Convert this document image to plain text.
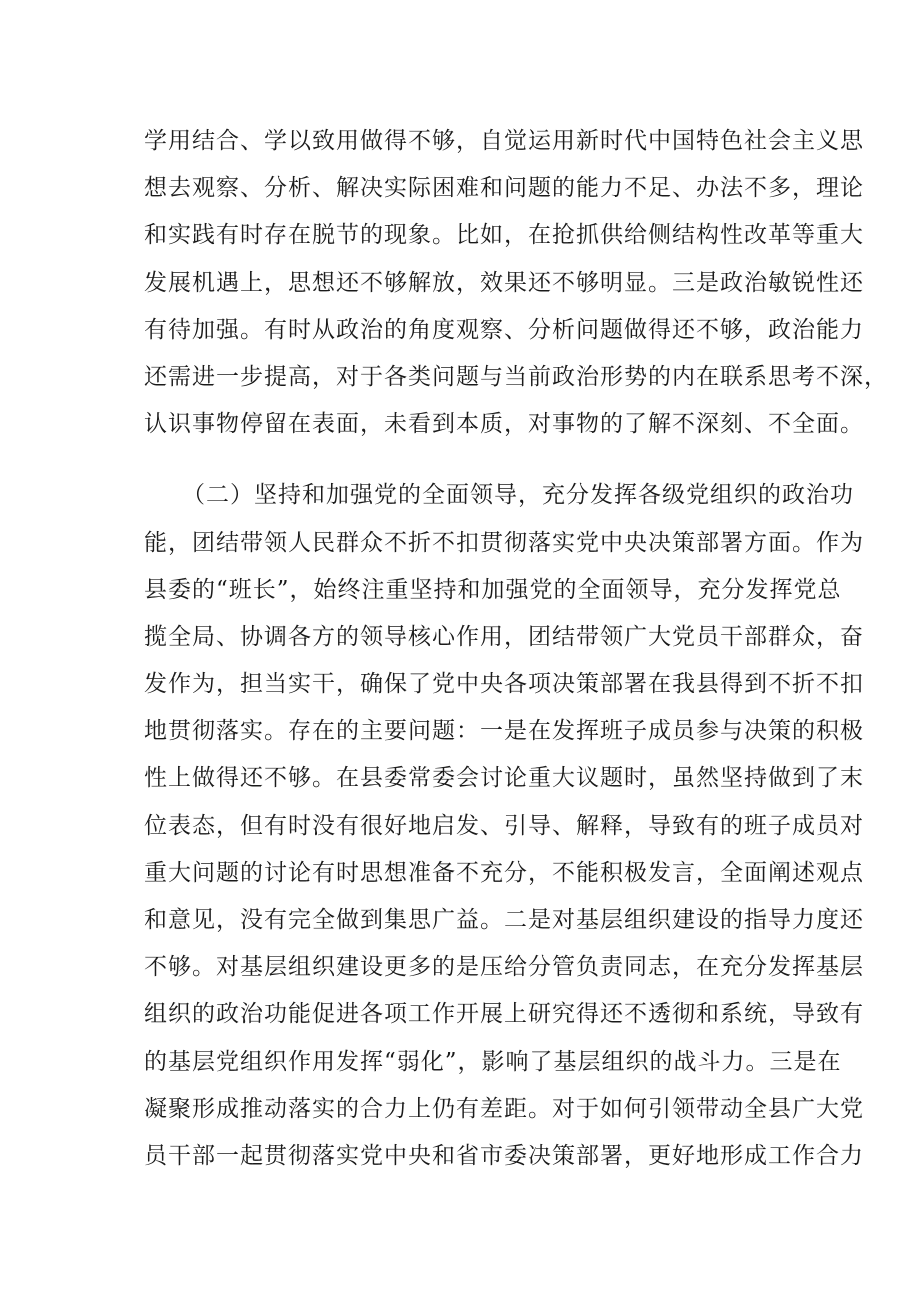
学用结合、学以致用做得不够，自觉运用新时代中国特色社会主义思
想去观察、分析、解决实际困难和问题的能力不足、办法不多，理论
和实践有时存在脱节的现象。比如，在抢抓供给侧结构性改革等重大
发展机遇上，思想还不够解放，效果还不够明显。三是政治敏锐性还
有待加强。有时从政治的角度观察、分析问题做得还不够，政治能力
还需进一步提高，对于各类问题与当前政治形势的内在联系思考不深，
认识事物停留在表面，未看到本质，对事物的了解不深刻、不全面。
（二）坚持和加强党的全面领导，充分发挥各级党组织的政治功
能，团结带领人民群众不折不扣贯彻落实党中央决策部署方面。作为
县委的“班长”，始终注重坚持和加强党的全面领导，充分发挥党总
揽全局、协调各方的领导核心作用，团结带领广大党员干部群众，奋
发作为，担当实干，确保了党中央各项决策部署在我县得到不折不扣
地贯彻落实。存在的主要问题：一是在发挥班子成员参与决策的积极
性上做得还不够。在县委常委会讨论重大议题时，虽然坚持做到了末
位表态，但有时没有很好地启发、引导、解释，导致有的班子成员对
重大问题的讨论有时思想准备不充分，不能积极发言，全面阐述观点
和意见，没有完全做到集思广益。二是对基层组织建设的指导力度还
不够。对基层组织建设更多的是压给分管负责同志，在充分发挥基层
组织的政治功能促进各项工作开展上研究得还不透彻和系统，导致有
的基层党组织作用发挥“弱化”，影响了基层组织的战斗力。三是在
凝聚形成推动落实的合力上仍有差距。对于如何引领带动全县广大党
员干部一起贯彻落实党中央和省市委决策部署，更好地形成工作合力
